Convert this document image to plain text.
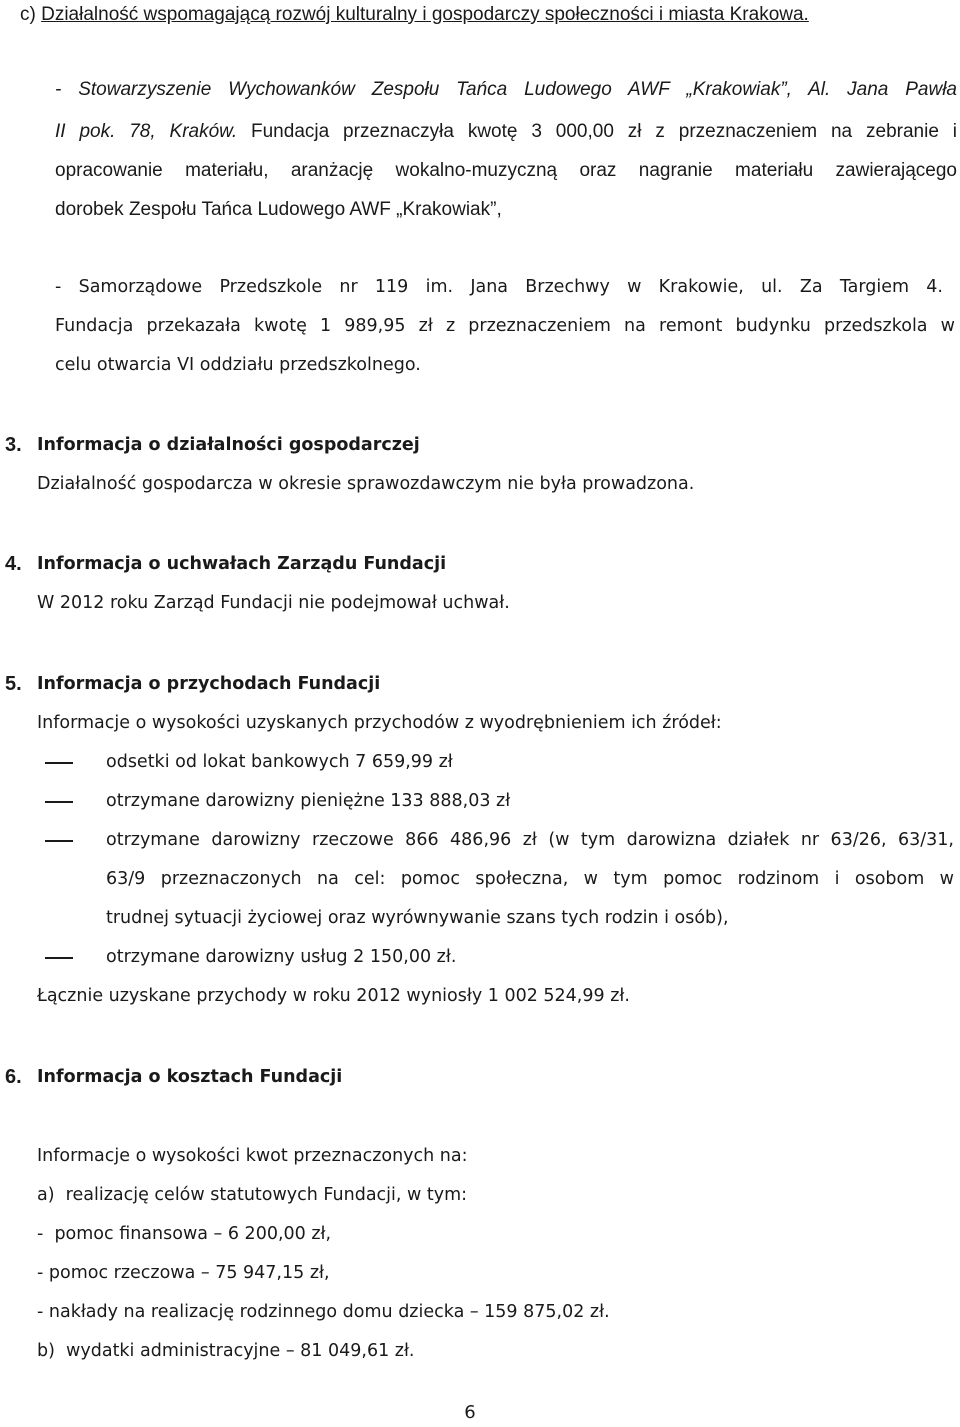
c) Działalność wspomagającą rozwój kulturalny i gospodarczy społeczności i miasta Krakowa.
- Stowarzyszenie Wychowanków Zespołu Tańca Ludowego AWF „Krakowiak”, Al. Jana Pawła
II pok. 78, Kraków. Fundacja przeznaczyła kwotę 3 000,00 zł z przeznaczeniem na zebranie i
opracowanie materiału, aranżację wokalno-muzyczną oraz nagranie materiału zawierającego
dorobek Zespołu Tańca Ludowego AWF „Krakowiak”,
- Samorządowe Przedszkole nr 119 im. Jana Brzechwy w Krakowie, ul. Za Targiem 4.
Fundacja przekazała kwotę 1 989,95 zł z przeznaczeniem na remont budynku przedszkola w
celu otwarcia VI oddziału przedszkolnego.
3. Informacja o działalności gospodarczej
Działalność gospodarcza w okresie sprawozdawczym nie była prowadzona.
4. Informacja o uchwałach Zarządu Fundacji
W 2012 roku Zarząd Fundacji nie podejmował uchwał.
5. Informacja o przychodach Fundacji
Informacje o wysokości uzyskanych przychodów z wyodrębnieniem ich źródeł:
odsetki od lokat bankowych 7 659,99 zł
otrzymane darowizny pieniężne 133 888,03 zł
otrzymane darowizny rzeczowe 866 486,96 zł (w tym darowizna działek nr 63/26, 63/31,
63/9 przeznaczonych na cel: pomoc społeczna, w tym pomoc rodzinom i osobom w
trudnej sytuacji życiowej oraz wyrównywanie szans tych rodzin i osób),
otrzymane darowizny usług 2 150,00 zł.
Łącznie uzyskane przychody w roku 2012 wyniosły 1 002 524,99 zł.
6. Informacja o kosztach Fundacji
Informacje o wysokości kwot przeznaczonych na:
a)  realizację celów statutowych Fundacji, w tym:
-  pomoc finansowa – 6 200,00 zł,
- pomoc rzeczowa – 75 947,15 zł,
- nakłady na realizację rodzinnego domu dziecka – 159 875,02 zł.
b)  wydatki administracyjne – 81 049,61 zł.
6
